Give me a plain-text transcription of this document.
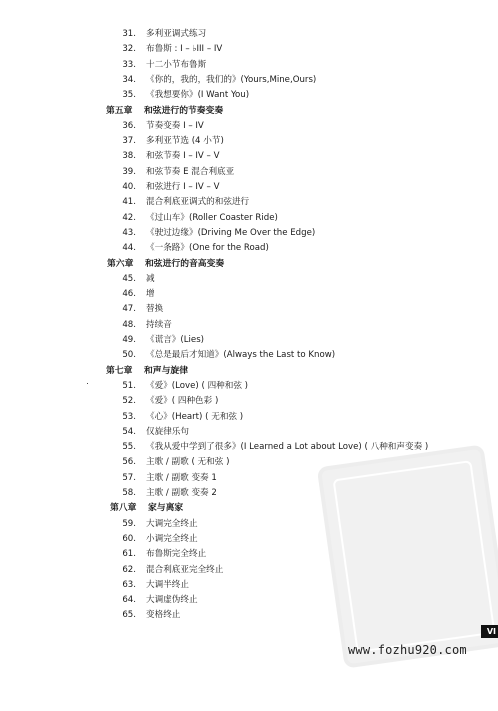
31. 多利亚调式练习
32. 布鲁斯 : I – ♭III – IV
33. 十二小节布鲁斯
34. 《你的，我的，我们的》(Yours,Mine,Ours)
35. 《我想要你》(I Want You)
第五章 和弦进行的节奏变奏
36. 节奏变奏 I – IV
37. 多利亚节选 (4 小节)
38. 和弦节奏 I – IV – V
39. 和弦节奏 E 混合利底亚
40. 和弦进行 I – IV – V
41. 混合利底亚调式的和弦进行
42. 《过山车》(Roller Coaster Ride)
43. 《驶过边缘》(Driving Me Over the Edge)
44. 《一条路》(One for the Road)
第六章 和弦进行的音高变奏
45. 减
46. 增
47. 替换
48. 持续音
49. 《谎言》(Lies)
50. 《总是最后才知道》(Always the Last to Know)
第七章 和声与旋律
51. 《爱》(Love) ( 四种和弦 )
52. 《爱》( 四种色彩 )
53. 《心》(Heart) ( 无和弦 )
54. 仅旋律乐句
55. 《我从爱中学到了很多》(I Learned a Lot about Love) ( 八种和声变奏 )
56. 主歌 / 副歌 ( 无和弦 )
57. 主歌 / 副歌 变奏 1
58. 主歌 / 副歌 变奏 2
第八章 家与离家
59. 大调完全终止
60. 小调完全终止
61. 布鲁斯完全终止
62. 混合利底亚完全终止
63. 大调半终止
64. 大调虚伪终止
65. 变格终止
PDG
VI
www.fozhu920.com
